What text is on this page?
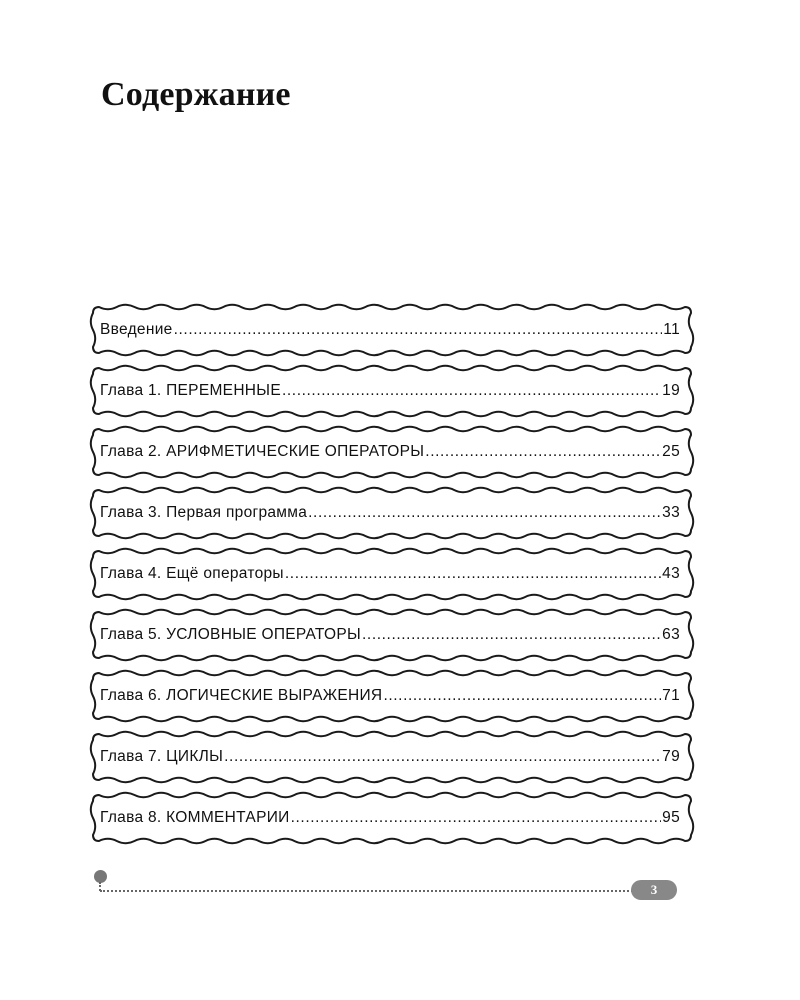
Содержание
Введение .....	11
Глава 1. ПЕРЕМЕННЫЕ .....	19
Глава 2. АРИФМЕТИЧЕСКИЕ ОПЕРАТОРЫ .....	25
Глава 3. Первая программа .....	33
Глава 4. Ещё операторы .....	43
Глава 5. УСЛОВНЫЕ ОПЕРАТОРЫ .....	63
Глава 6. ЛОГИЧЕСКИЕ ВЫРАЖЕНИЯ .....	71
Глава 7. ЦИКЛЫ .....	79
Глава 8. КОММЕНТАРИИ .....	95
3
